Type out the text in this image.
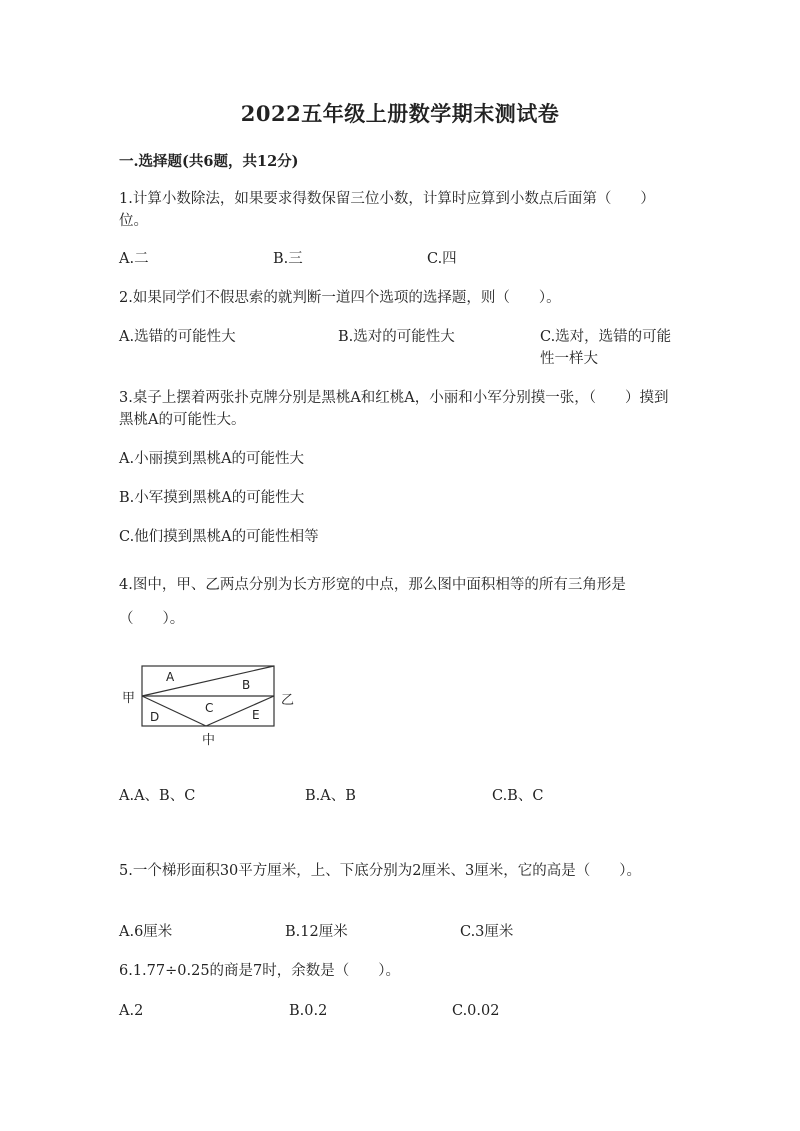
2022五年级上册数学期末测试卷
一.选择题(共6题，共12分)
1.计算小数除法，如果要求得数保留三位小数，计算时应算到小数点后面第（　　）位。
A.二	B.三	C.四
2.如果同学们不假思索的就判断一道四个选项的选择题，则（　　）。
A.选错的可能性大	B.选对的可能性大	C.选对，选错的可能性一样大
3.桌子上摆着两张扑克牌分别是黑桃A和红桃A，小丽和小军分别摸一张，（　　）摸到黑桃A的可能性大。
A.小丽摸到黑桃A的可能性大
B.小军摸到黑桃A的可能性大
C.他们摸到黑桃A的可能性相等
4.图中，甲、乙两点分别为长方形宽的中点，那么图中面积相等的所有三角形是（　　）。
甲	乙
中
A
B
C
D	E
A.A、B、C	B.A、B	C.B、C
5.一个梯形面积30平方厘米，上、下底分别为2厘米、3厘米，它的高是（　　）。
A.6厘米	B.12厘米	C.3厘米
6.1.77÷0.25的商是7时，余数是（　　）。
A.2	B.0.2	C.0.02
